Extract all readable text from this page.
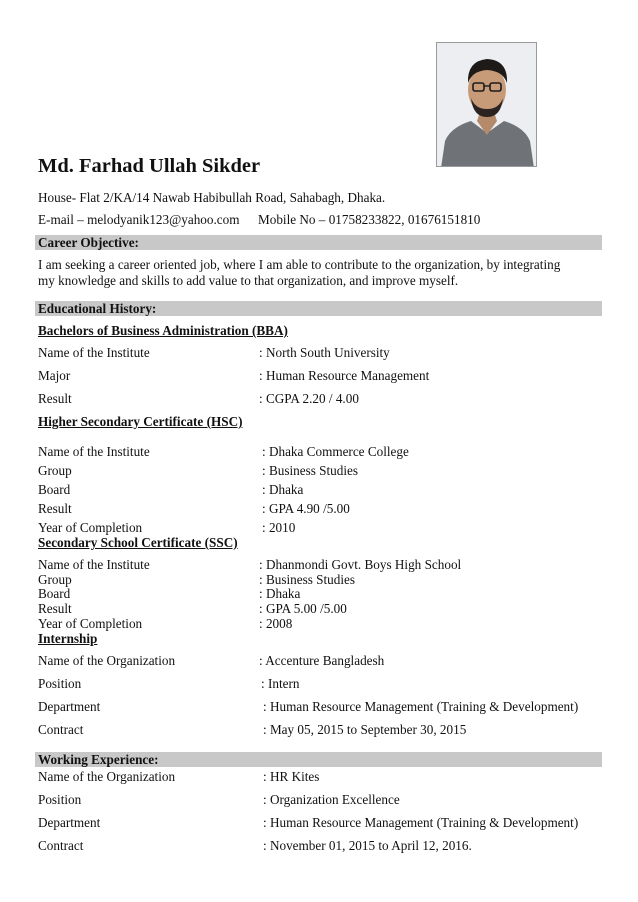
Md. Farhad Ullah Sikder
House- Flat 2/KA/14 Nawab Habibullah Road, Sahabagh, Dhaka.
E-mail – melodyanik123@yahoo.com Mobile No – 01758233822, 01676151810
Career Objective:
I am seeking a career oriented job, where I am able to contribute to the organization, by integrating my knowledge and skills to add value to that organization, and improve myself.
Educational History:
Bachelors of Business Administration (BBA)
Name of the Institute	: North South University
Major	: Human Resource Management
Result	: CGPA 2.20 / 4.00
Higher Secondary Certificate (HSC)
Name of the Institute	: Dhaka Commerce College
Group	: Business Studies
Board	: Dhaka
Result	: GPA 4.90 /5.00
Year of Completion	: 2010
Secondary School Certificate (SSC)
Name of the Institute	: Dhanmondi Govt. Boys High School
Group	: Business Studies
Board	: Dhaka
Result	: GPA 5.00 /5.00
Year of Completion	: 2008
Internship
Name of the Organization	: Accenture Bangladesh
Position	: Intern
Department	: Human Resource Management (Training & Development)
Contract	: May 05, 2015 to September 30, 2015
Working Experience:
Name of the Organization	: HR Kites
Position	: Organization Excellence
Department	: Human Resource Management (Training & Development)
Contract	: November 01, 2015 to April 12, 2016.
